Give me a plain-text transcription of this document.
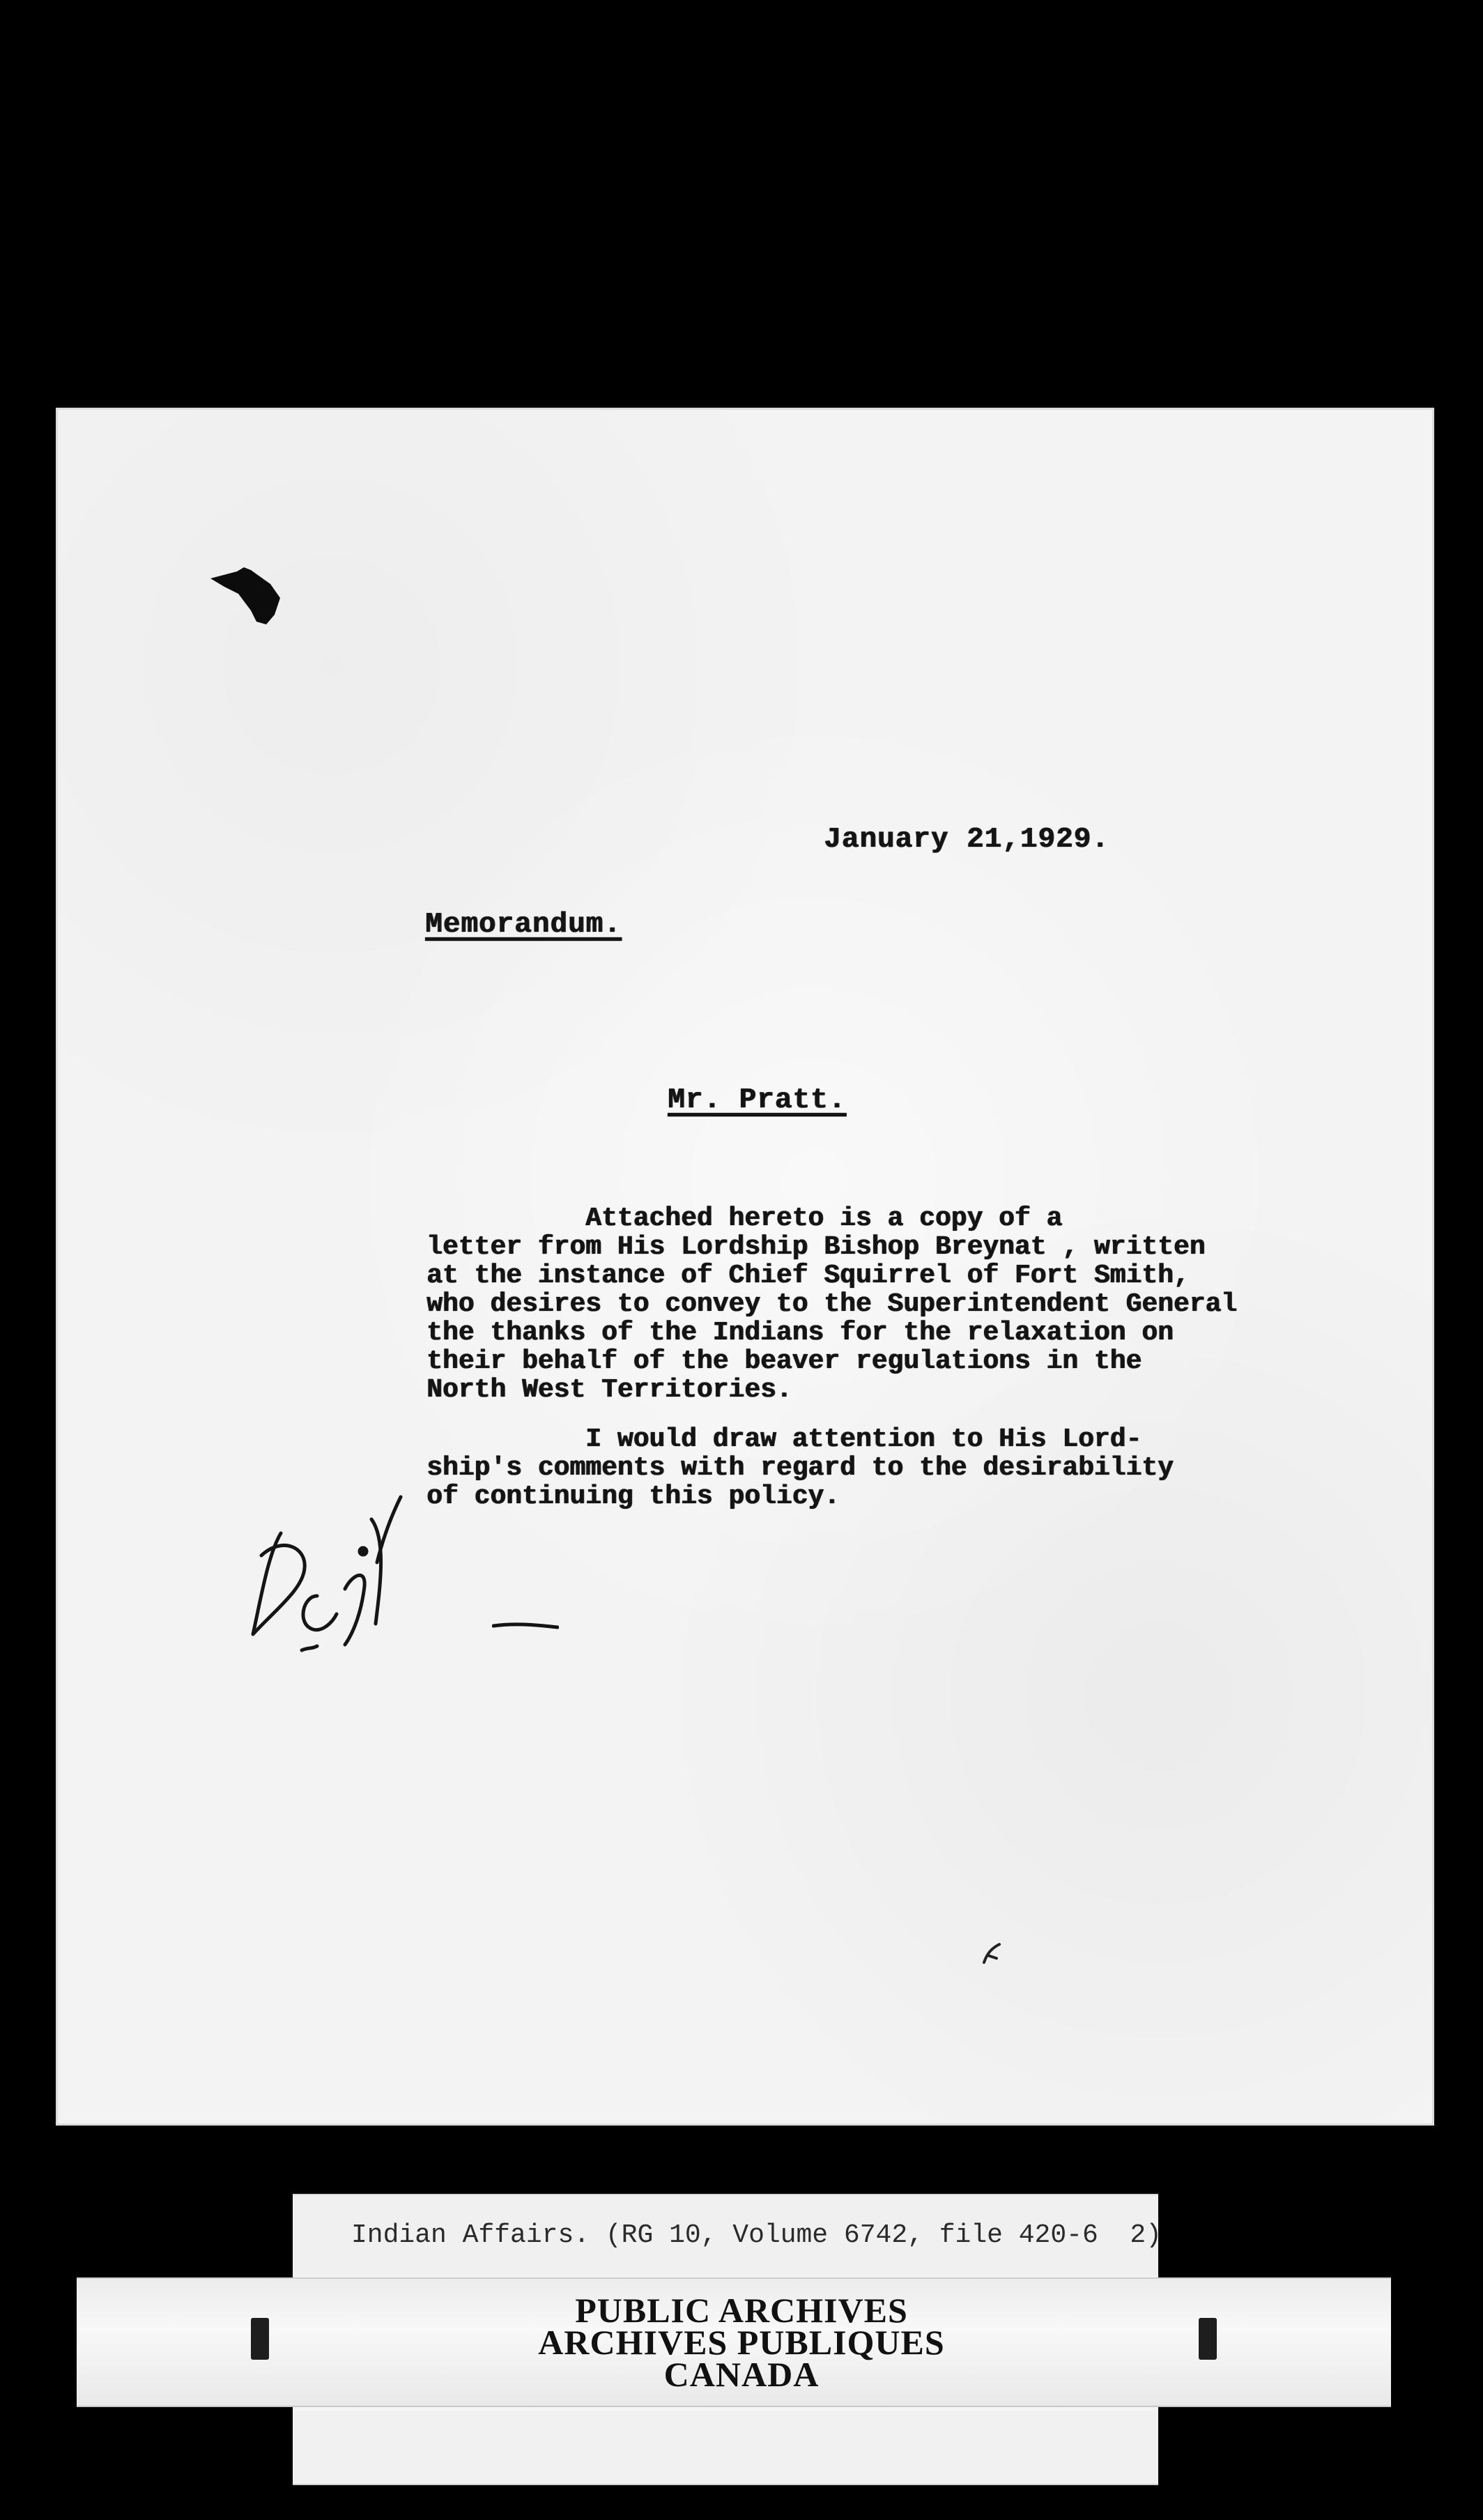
January 21,1929.
Memorandum.
Mr. Pratt.
Attached hereto is a copy of a
letter from His Lordship Bishop Breynat , written
at the instance of Chief Squirrel of Fort Smith,
who desires to convey to the Superintendent General
the thanks of the Indians for the relaxation on
their behalf of the beaver regulations in the
North West Territories.
I would draw attention to His Lord-
ship's comments with regard to the desirability
of continuing this policy.
Indian Affairs. (RG 10, Volume 6742, file 420-6  2)
PUBLIC ARCHIVES
ARCHIVES PUBLIQUES
CANADA
